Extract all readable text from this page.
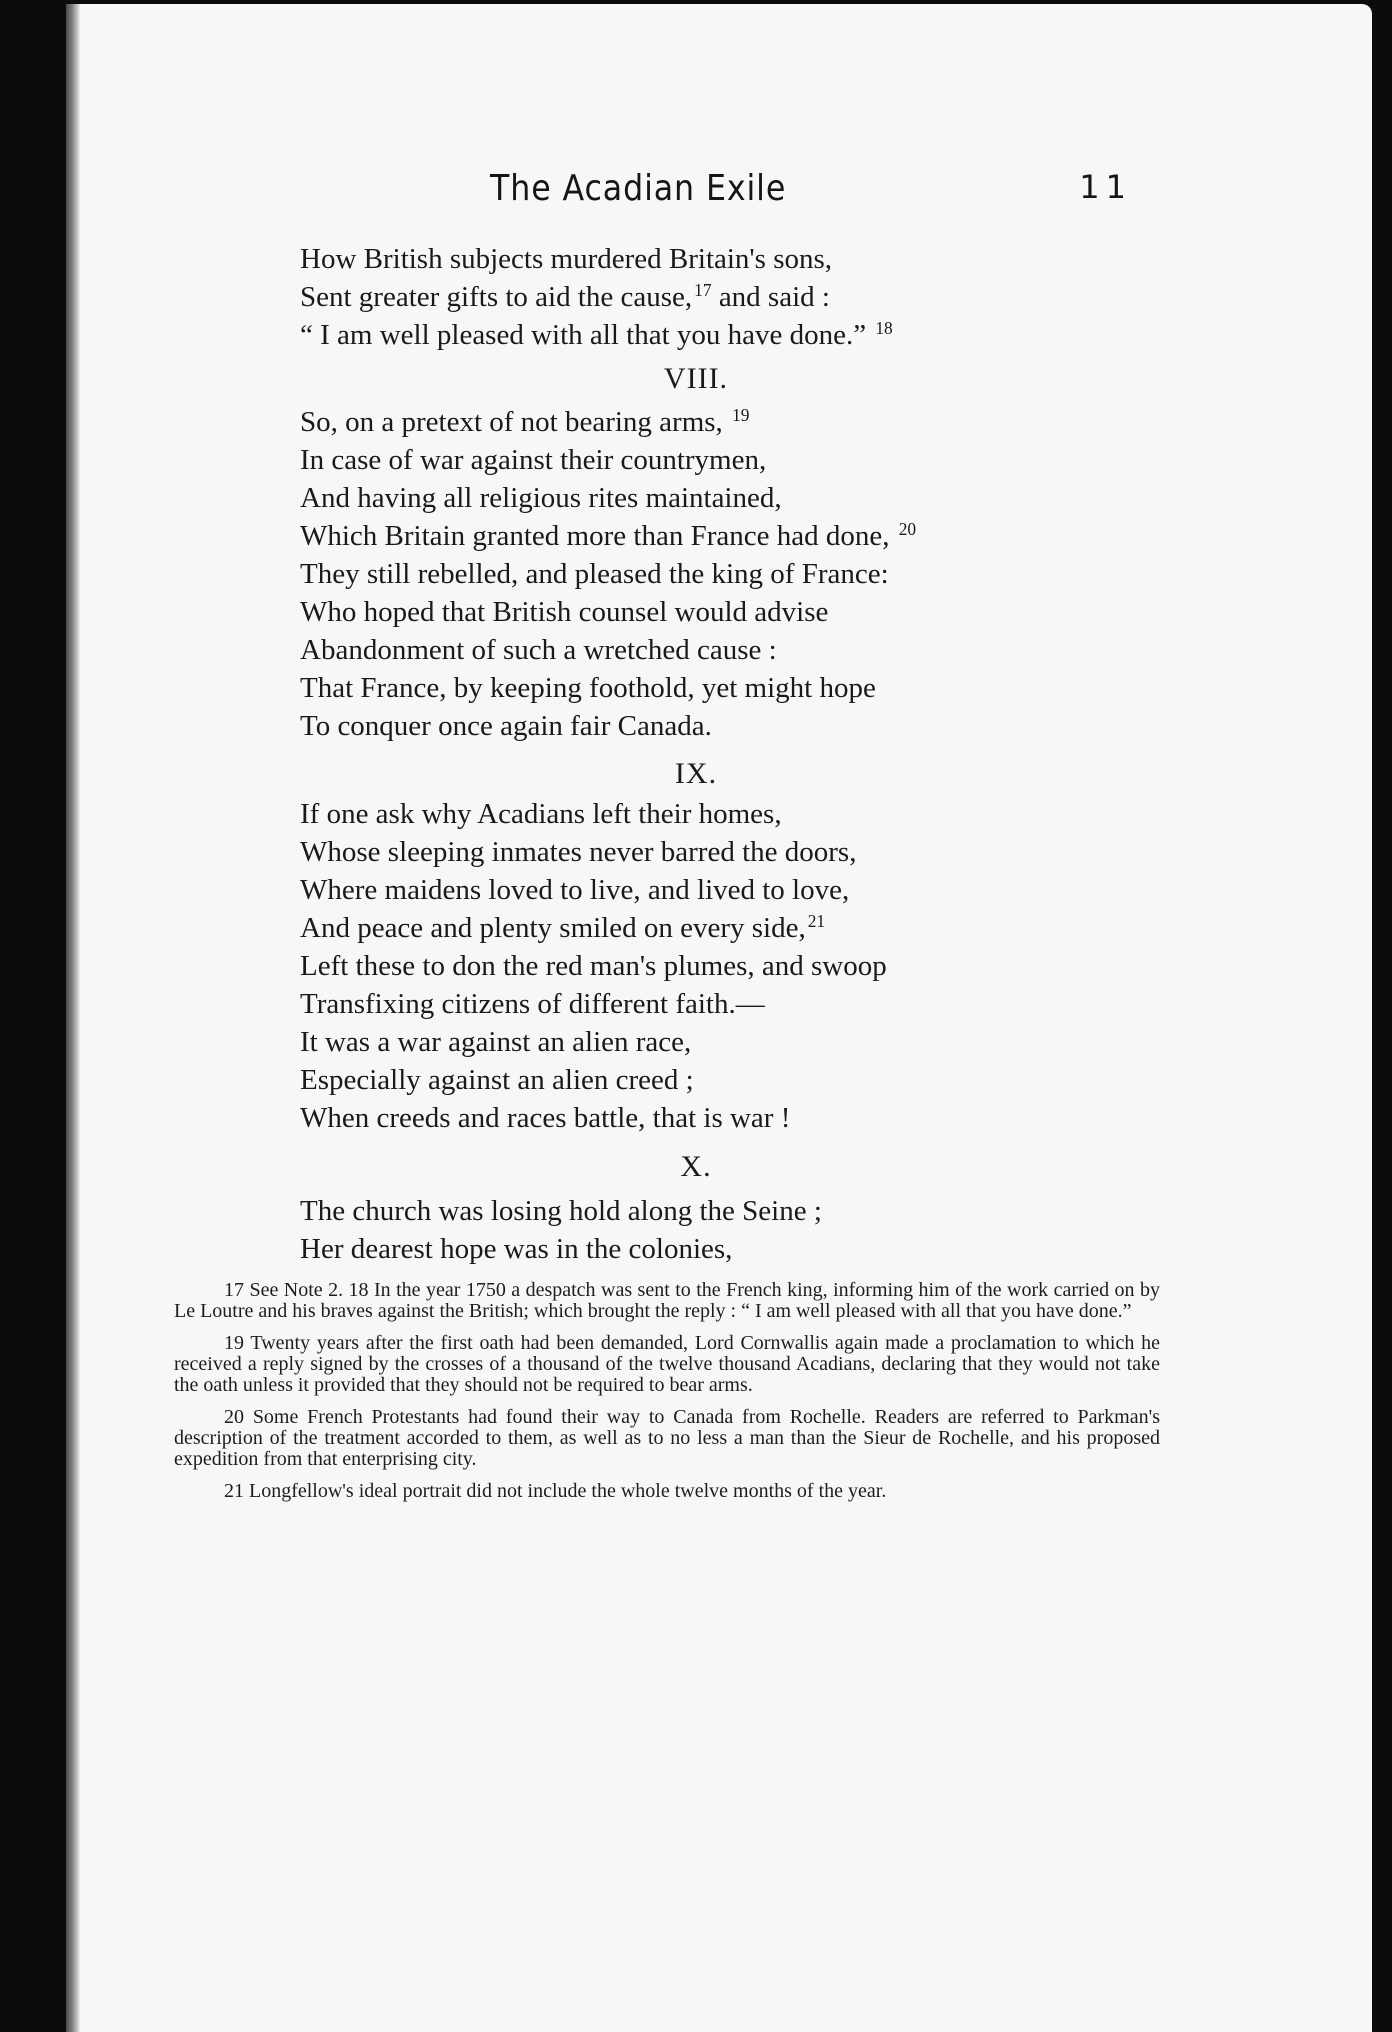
The Acadian Exile	11
How British subjects murdered Britain's sons,
Sent greater gifts to aid the cause, $^{17}$ and said :
“ I am well pleased with all that you have done.” $^{18}$
VIII.
So, on a pretext of not bearing arms, $^{19}$
In case of war against their countrymen,
And having all religious rites maintained,
Which Britain granted more than France had done, $^{20}$
They still rebelled, and pleased the king of France:
Who hoped that British counsel would advise
Abandonment of such a wretched cause :
That France, by keeping foothold, yet might hope
To conquer once again fair Canada.
IX.
If one ask why Acadians left their homes,
Whose sleeping inmates never barred the doors,
Where maidens loved to live, and lived to love,
And peace and plenty smiled on every side, $^{21}$
Left these to don the red man's plumes, and swoop
Transfixing citizens of different faith.—
It was a war against an alien race,
Especially against an alien creed ;
When creeds and races battle, that is war !
X.
The church was losing hold along the Seine ;
Her dearest hope was in the colonies,

17 See Note 2. 18 In the year 1750 a despatch was sent to the French king, informing him of the work carried on by Le Loutre and his braves against the British; which brought the reply : “ I am well pleased with all that you have done.”

19 Twenty years after the first oath had been demanded, Lord Cornwallis again made a proclamation to which he received a reply signed by the crosses of a thousand of the twelve thousand Acadians, declaring that they would not take the oath unless it provided that they should not be required to bear arms.

20 Some French Protestants had found their way to Canada from Rochelle. Readers are referred to Parkman's description of the treatment accorded to them, as well as to no less a man than the Sieur de Rochelle, and his proposed expedition from that enterprising city.

21 Longfellow's ideal portrait did not include the whole twelve months of the year.
